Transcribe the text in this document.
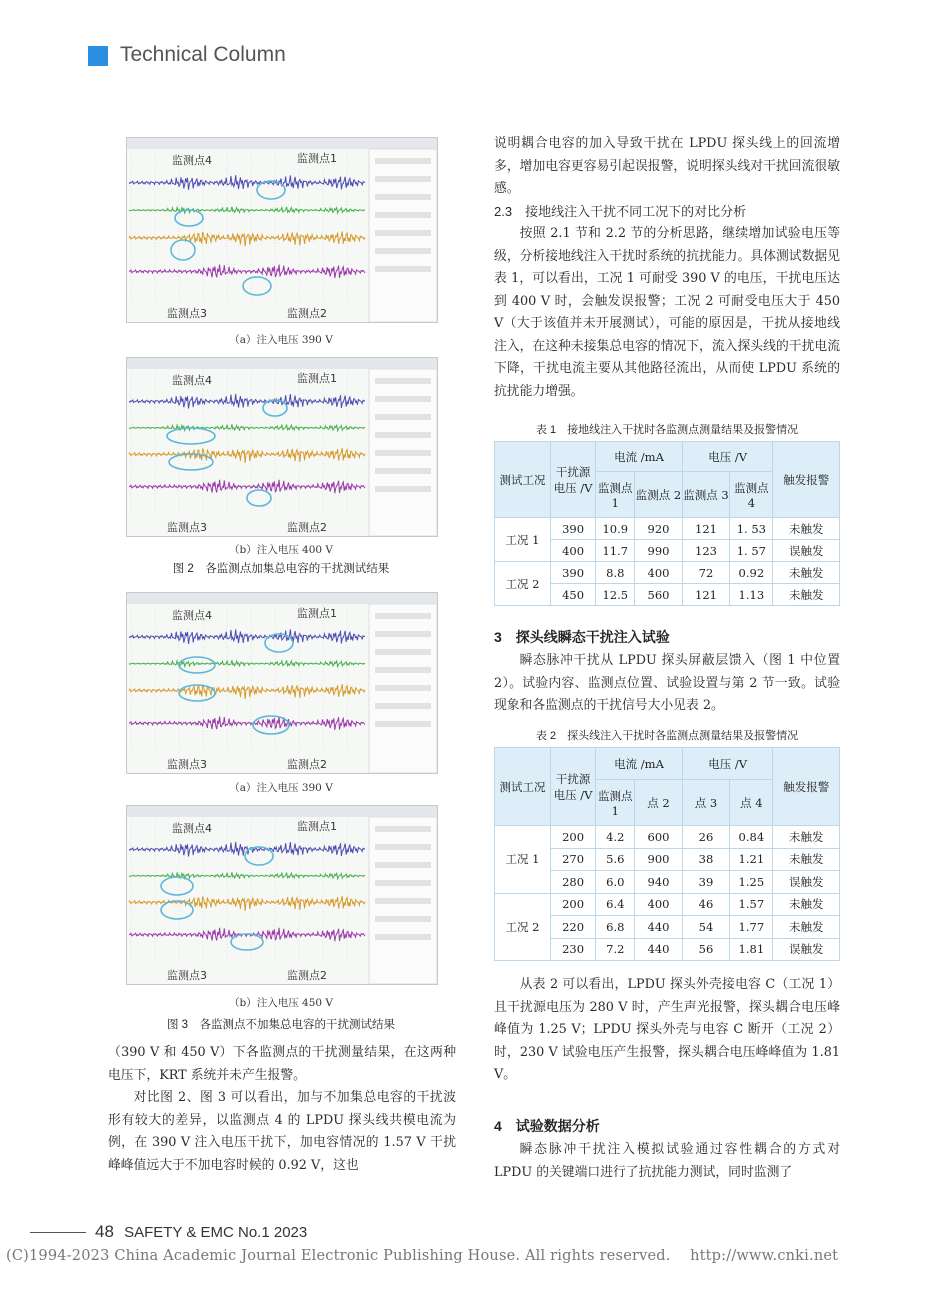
Technical Column
监测点4	监测点1
监测点3	监测点2
（a）注入电压 390 V
监测点4	监测点1
监测点3	监测点2
（b）注入电压 400 V
图 2　各监测点加集总电容的干扰测试结果
监测点4	监测点1
监测点3	监测点2
（a）注入电压 390 V
监测点4	监测点1
监测点3	监测点2
（b）注入电压 450 V
图 3　各监测点不加集总电容的干扰测试结果

（390 V 和 450 V）下各监测点的干扰测量结果，在这两种电压下，KRT 系统并未产生报警。

对比图 2、图 3 可以看出，加与不加集总电容的干扰波形有较大的差异，以监测点 4 的 LPDU 探头线共模电流为例，在 390 V 注入电压干扰下，加电容情况的 1.57 V 干扰峰峰值远大于不加电容时候的 0.92 V，这也

说明耦合电容的加入导致干扰在 LPDU 探头线上的回流增多，增加电容更容易引起误报警，说明探头线对干扰回流很敏感。

2.3　接地线注入干扰不同工况下的对比分析

按照 2.1 节和 2.2 节的分析思路，继续增加试验电压等级，分析接地线注入干扰时系统的抗扰能力。具体测试数据见表 1，可以看出，工况 1 可耐受 390 V 的电压，干扰电压达到 400 V 时，会触发误报警；工况 2 可耐受电压大于 450 V（大于该值并未开展测试），可能的原因是，干扰从接地线注入，在这种未接集总电容的情况下，流入探头线的干扰电流下降，干扰电流主要从其他路径流出，从而使 LPDU 系统的抗扰能力增强。

表 1　接地线注入干扰时各监测点测量结果及报警情况
测试工况	干扰源电压 /V	电流 /mA		电压 /V		触发报警
		监测点 1	监测点 2	监测点 3	监测点 4	
工况 1	390	10.9	920	121	1. 53	未触发
	400	11.7	990	123	1. 57	误触发
工况 2	390	8.8	400	72	0.92	未触发
	450	12.5	560	121	1.13	未触发
3　探头线瞬态干扰注入试验

瞬态脉冲干扰从 LPDU 探头屏蔽层馈入（图 1 中位置 2）。试验内容、监测点位置、试验设置与第 2 节一致。试验现象和各监测点的干扰信号大小见表 2。

表 2　探头线注入干扰时各监测点测量结果及报警情况
测试工况	干扰源电压 /V	电流 /mA		电压 /V		触发报警
		监测点 1	点 2	点 3	点 4	
工况 1	200	4.2	600	26	0.84	未触发
	270	5.6	900	38	1.21	未触发
	280	6.0	940	39	1.25	误触发
工况 2	200	6.4	400	46	1.57	未触发
	220	6.8	440	54	1.77	未触发
	230	7.2	440	56	1.81	误触发

从表 2 可以看出，LPDU 探头外壳接电容 C（工况 1）且干扰源电压为 280 V 时，产生声光报警，探头耦合电压峰峰值为 1.25 V；LPDU 探头外壳与电容 C 断开（工况 2）时，230 V 试验电压产生报警，探头耦合电压峰峰值为 1.81 V。

4　试验数据分析

瞬态脉冲干扰注入模拟试验通过容性耦合的方式对 LPDU 的关键端口进行了抗扰能力测试，同时监测了

48 SAFETY & EMC No.1 2023
(C)1994-2023 China Academic Journal Electronic Publishing House. All rights reserved.　 http://www.cnki.net
